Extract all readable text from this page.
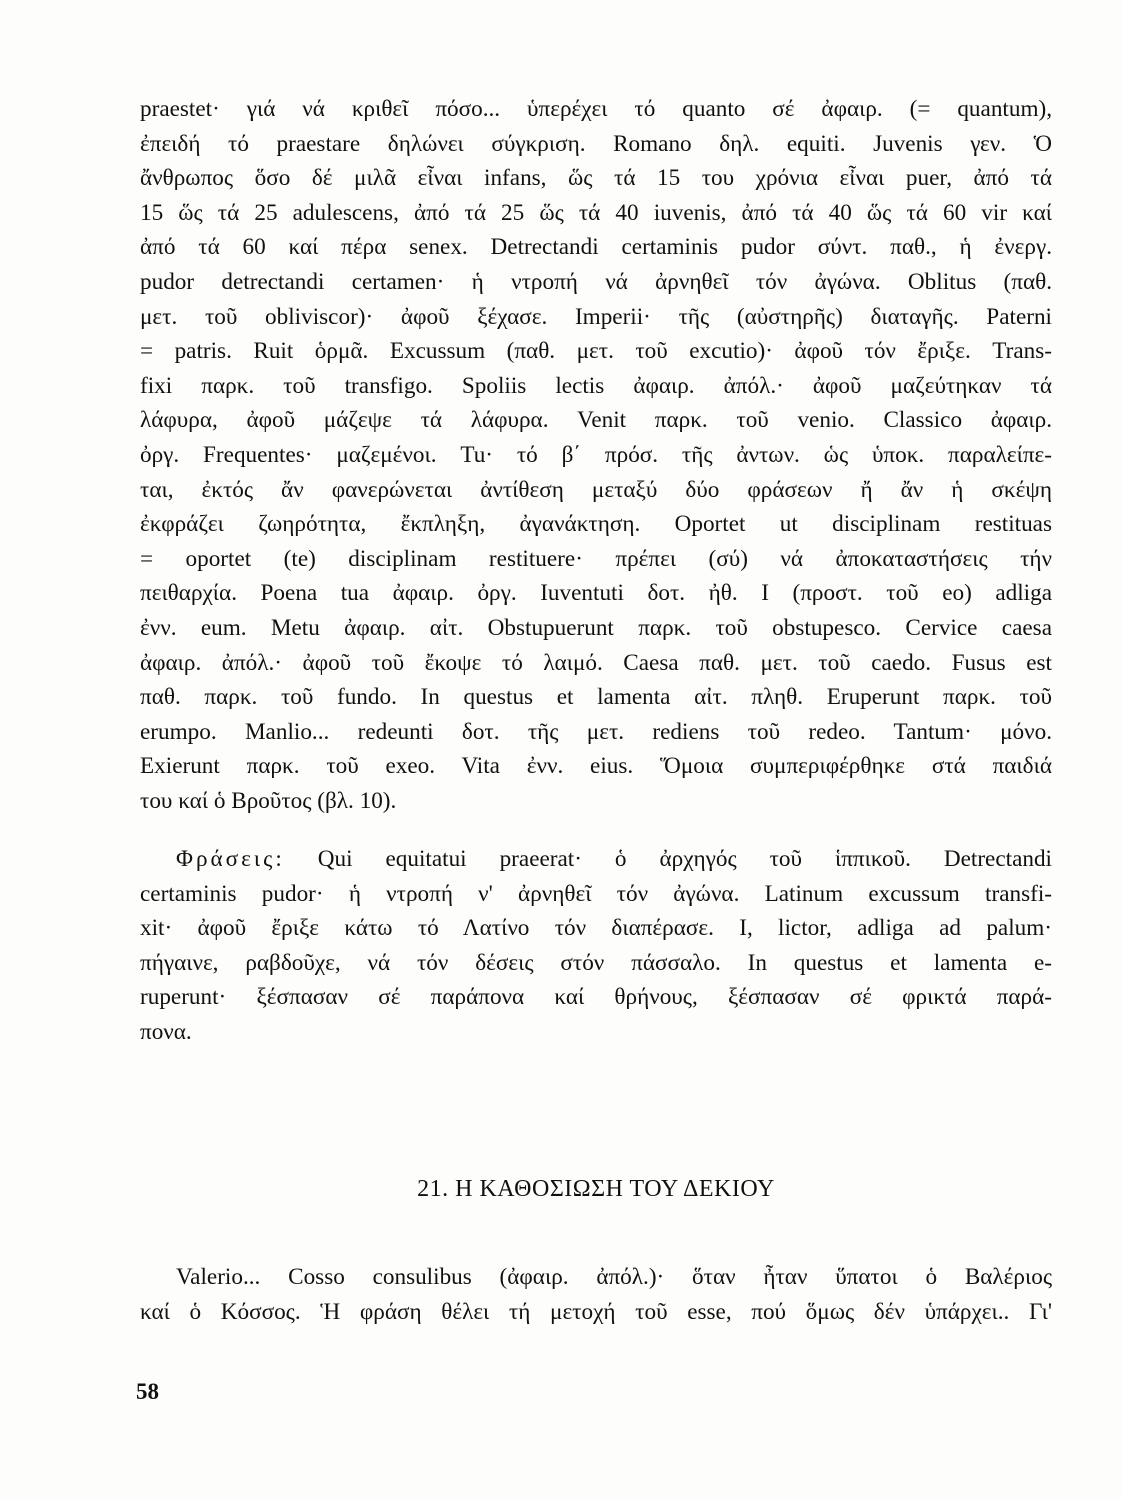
praestet· γιά νά κριθεῖ πόσο... ὑπερέχει τό quanto σέ ἀφαιρ. (= quantum),
ἐπειδή τό praestare δηλώνει σύγκριση. Romano δηλ. equiti. Juvenis γεν. Ὁ
ἄνθρωπος ὅσο δέ μιλᾶ εἶναι infans, ὥς τά 15 του χρόνια εἶναι puer, ἀπό τά
15 ὥς τά 25 adulescens, ἀπό τά 25 ὥς τά 40 iuvenis, ἀπό τά 40 ὥς τά 60 vir καί
ἀπό τά 60 καί πέρα senex. Detrectandi certaminis pudor σύντ. παθ., ἡ ἐνεργ.
pudor detrectandi certamen· ἡ ντροπή νά ἀρνηθεῖ τόν ἀγώνα. Oblitus (παθ.
μετ. τοῦ obliviscor)· ἀφοῦ ξέχασε. Imperii· τῆς (αὐστηρῆς) διαταγῆς. Paterni
= patris. Ruit ὁρμᾶ. Excussum (παθ. μετ. τοῦ excutio)· ἀφοῦ τόν ἔριξε. Trans-
fixi παρκ. τοῦ transfigo. Spoliis lectis ἀφαιρ. ἀπόλ.· ἀφοῦ μαζεύτηκαν τά
λάφυρα, ἀφοῦ μάζεψε τά λάφυρα. Venit παρκ. τοῦ venio. Classico ἀφαιρ.
ὀργ. Frequentes· μαζεμένοι. Tu· τό β΄ πρόσ. τῆς ἀντων. ὡς ὑποκ. παραλείπε-
ται, ἐκτός ἄν φανερώνεται ἀντίθεση μεταξύ δύο φράσεων ἤ ἄν ἡ σκέψη
ἐκφράζει ζωηρότητα, ἔκπληξη, ἀγανάκτηση. Oportet ut disciplinam restituas
= oportet (te) disciplinam restituere· πρέπει (σύ) νά ἀποκαταστήσεις τήν
πειθαρχία. Poena tua ἀφαιρ. ὀργ. Iuventuti δοτ. ἠθ. I (προστ. τοῦ eo) adliga
ἐνν. eum. Metu ἀφαιρ. αἰτ. Obstupuerunt παρκ. τοῦ obstupesco. Cervice caesa
ἀφαιρ. ἀπόλ.· ἀφοῦ τοῦ ἔκοψε τό λαιμό. Caesa παθ. μετ. τοῦ caedo. Fusus est
παθ. παρκ. τοῦ fundo. In questus et lamenta αἰτ. πληθ. Eruperunt παρκ. τοῦ
erumpo. Manlio... redeunti δοτ. τῆς μετ. rediens τοῦ redeo. Tantum· μόνο.
Exierunt παρκ. τοῦ exeo. Vita ἐνν. eius. Ὅμοια συμπεριφέρθηκε στά παιδιά
του καί ὁ Βροῦτος (βλ. 10).
Φράσεις: Qui equitatui praeerat· ὁ ἀρχηγός τοῦ ἱππικοῦ. Detrectandi
certaminis pudor· ἡ ντροπή ν' ἀρνηθεῖ τόν ἀγώνα. Latinum excussum transfi-
xit· ἀφοῦ ἔριξε κάτω τό Λατίνο τόν διαπέρασε. I, lictor, adliga ad palum·
πήγαινε, ραβδοῦχε, νά τόν δέσεις στόν πάσσαλο. In questus et lamenta e-
ruperunt· ξέσπασαν σέ παράπονα καί θρήνους, ξέσπασαν σέ φρικτά παρά-
πονα.
21. Η ΚΑΘΟΣΙΩΣΗ ΤΟΥ ΔΕΚΙΟΥ
Valerio... Cosso consulibus (ἀφαιρ. ἀπόλ.)· ὅταν ἦταν ὕπατοι ὁ Βαλέριος
καί ὁ Κόσσος. Ἡ φράση θέλει τή μετοχή τοῦ esse, πού ὅμως δέν ὑπάρχει.. Γι'
58
